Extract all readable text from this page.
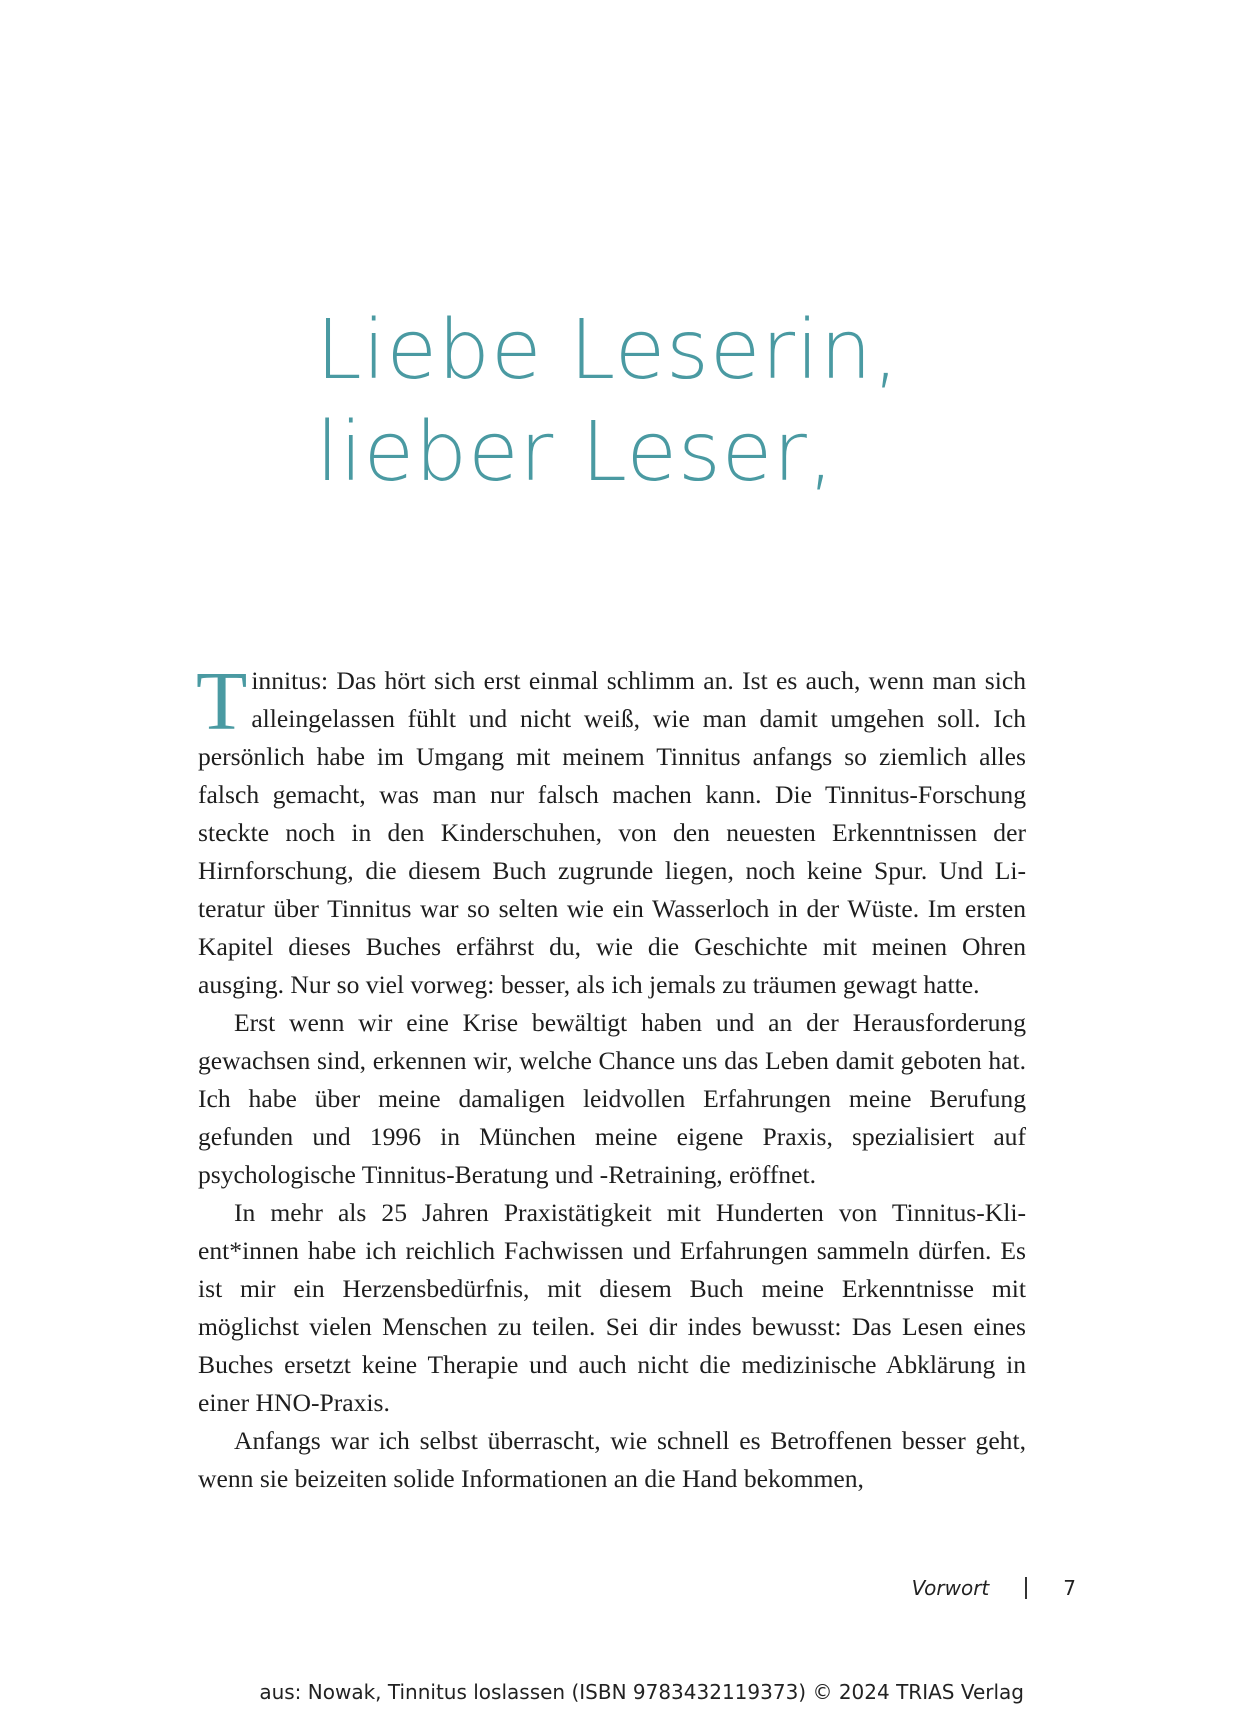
Liebe Leserin,
lieber Leser,

Tinnitus: Das hört sich erst einmal schlimm an. Ist es auch, wenn man sich alleingelassen fühlt und nicht weiß, wie man damit umgehen soll. Ich persönlich habe im Umgang mit meinem Tinnitus anfangs so ziemlich alles falsch gemacht, was man nur falsch machen kann. Die Tinnitus-Forschung steckte noch in den Kinderschuhen, von den neuesten Erkenntnissen der Hirnforschung, die diesem Buch zugrunde liegen, noch keine Spur. Und Literatur über Tinnitus war so selten wie ein Wasserloch in der Wüste. Im ersten Kapitel dieses Buches erfährst du, wie die Geschichte mit meinen Ohren ausging. Nur so viel vorweg: besser, als ich jemals zu träumen gewagt hatte.

Erst wenn wir eine Krise bewältigt haben und an der Herausforderung gewachsen sind, erkennen wir, welche Chance uns das Leben damit geboten hat. Ich habe über meine damaligen leidvollen Erfahrungen meine Berufung gefunden und 1996 in München meine eigene Praxis, spezialisiert auf psychologische Tinnitus-Beratung und -Retraining, eröffnet.

In mehr als 25 Jahren Praxistätigkeit mit Hunderten von Tinnitus-Klient*innen habe ich reichlich Fachwissen und Erfahrungen sammeln dürfen. Es ist mir ein Herzensbedürfnis, mit diesem Buch meine Erkenntnisse mit möglichst vielen Menschen zu teilen. Sei dir indes bewusst: Das Lesen eines Buches ersetzt keine Therapie und auch nicht die medizinische Abklärung in einer HNO-Praxis.

Anfangs war ich selbst überrascht, wie schnell es Betroffenen besser geht, wenn sie beizeiten solide Informationen an die Hand bekommen,

Vorwort	7
aus: Nowak, Tinnitus loslassen (ISBN 9783432119373) © 2024 TRIAS Verlag
